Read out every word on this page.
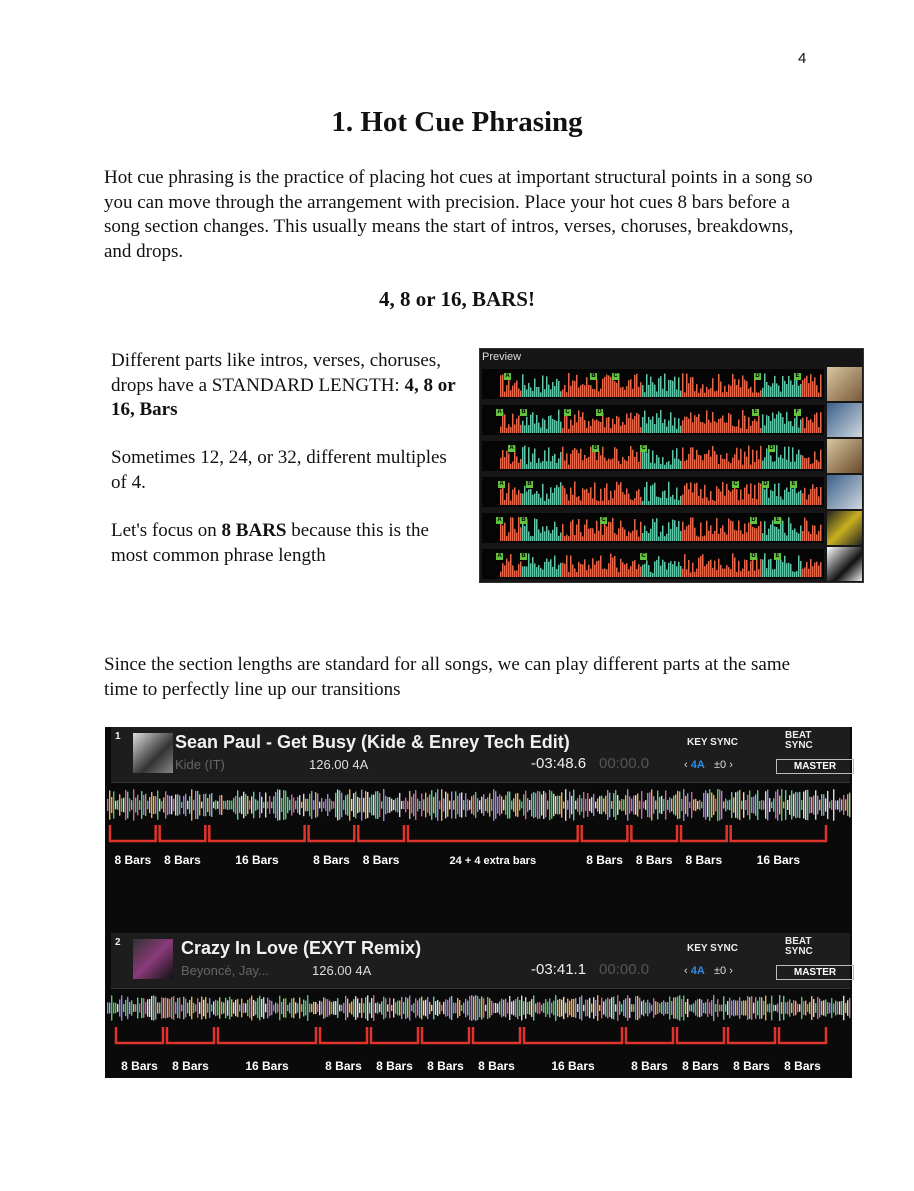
4
1. Hot Cue Phrasing

Hot cue phrasing is the practice of placing hot cues at important structural points in a song so you can move through the arrangement with precision. Place your hot cues 8 bars before a song section changes. This usually means the start of intros, verses, choruses, breakdowns, and drops.

4, 8 or 16, BARS!

Different parts like intros, verses, choruses, drops have a STANDARD LENGTH: 4, 8 or 16, Bars

Sometimes 12, 24, or 32, different multiples of 4.

Let's focus on 8 BARS because this is the most common phrase length

Preview
A	B	C	D	E
A	B	C	D	E	F
A	B	C	D
A	B	C	D	E
A	B	C	D	E
A	B	C	D	E

Since the section lengths are standard for all songs, we can play different parts at the same time to perfectly line up our transitions

1	Sean Paul - Get Busy (Kide & Enrey Tech Edit)
Kide (IT)	126.00 4A	-03:48.6 00:00.0
KEY SYNC
BEAT SYNC
‹ 4A ±0 ›	MASTER
8 Bars 8 Bars	16 Bars	8 Bars 8 Bars	24 + 4 extra bars	8 Bars 8 Bars 8 Bars	16 Bars
2	Crazy In Love (EXYT Remix)
Beyoncé, Jay...	126.00 4A	-03:41.1 00:00.0
KEY SYNC
BEAT SYNC
‹ 4A ±0 ›	MASTER
8 Bars 8 Bars	16 Bars	8 Bars 8 Bars 8 Bars 8 Bars	16 Bars	8 Bars 8 Bars 8 Bars 8 Bars
